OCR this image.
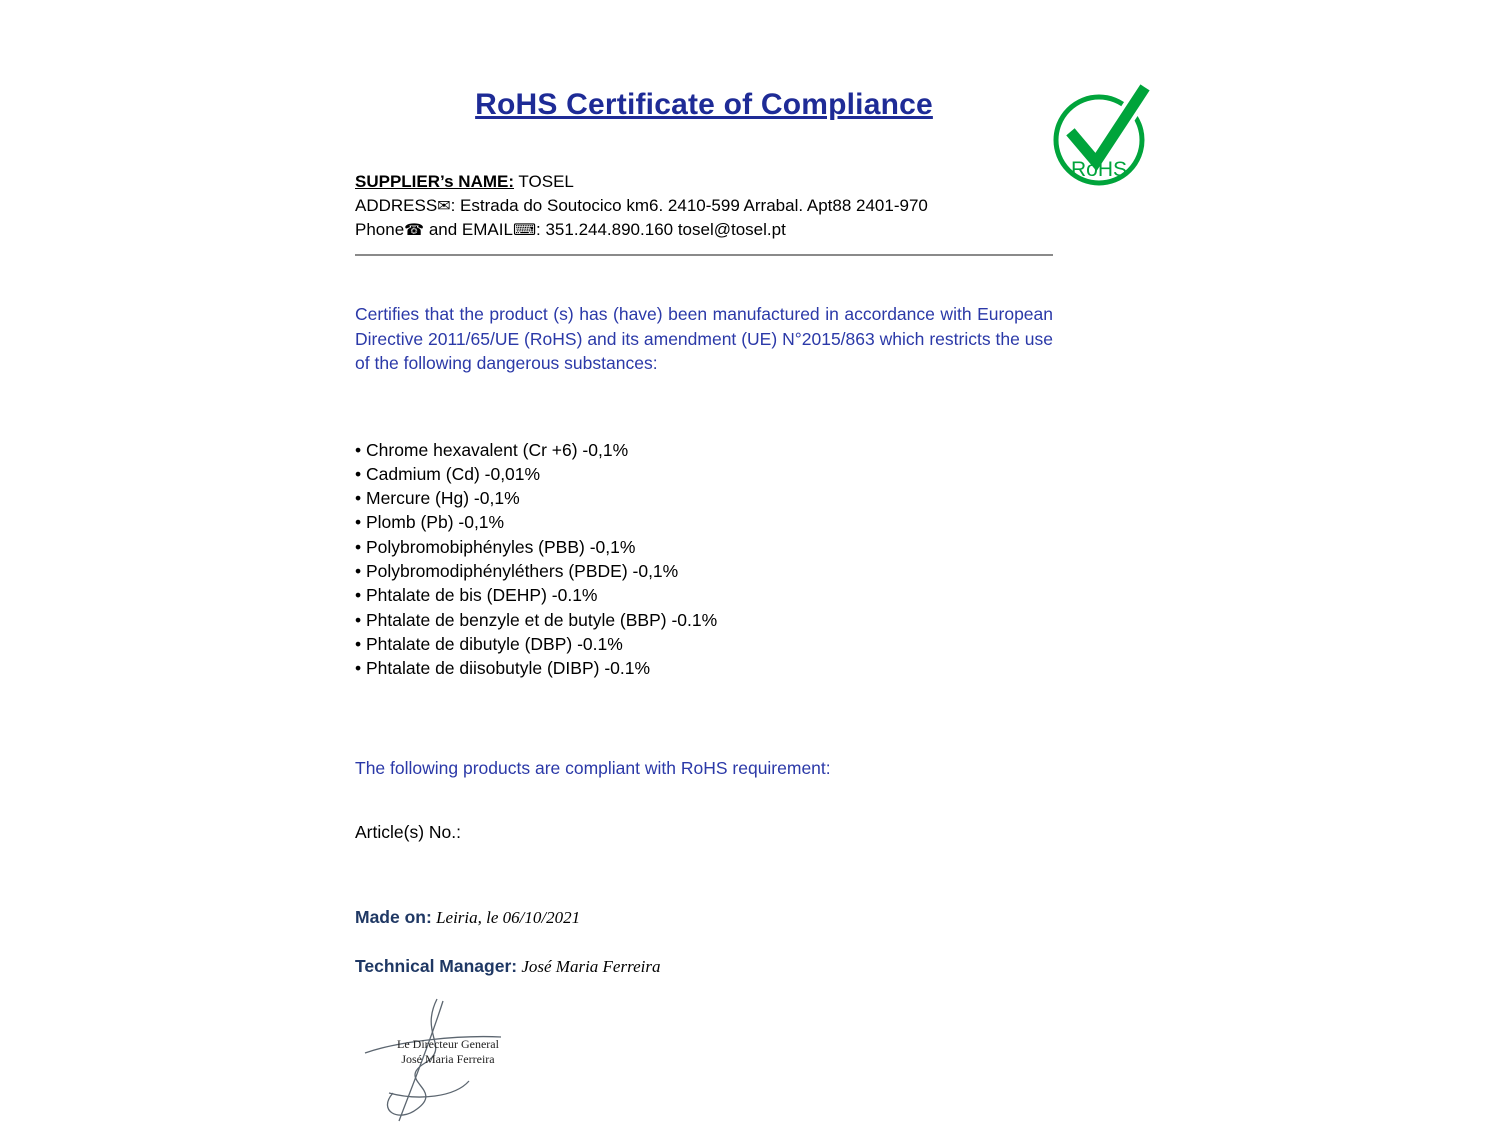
RoHS
RoHS Certificate of Compliance

SUPPLIER’s NAME: TOSEL

ADDRESS✉: Estrada do Soutocico km6. 2410-599 Arrabal. Apt88 2401-970

Phone☎ and EMAIL⌨: 351.244.890.160 tosel@tosel.pt

Certifies that the product (s) has (have) been manufactured in accordance with European Directive 2011/65/UE (RoHS) and its amendment (UE) N°2015/863 which restricts the use of the following dangerous substances:

• Chrome hexavalent (Cr +6) -0,1%
• Cadmium (Cd) -0,01%
• Mercure (Hg) -0,1%
• Plomb (Pb) -0,1%
• Polybromobiphényles (PBB) -0,1%
• Polybromodiphényléthers (PBDE) -0,1%
• Phtalate de bis (DEHP) -0.1%
• Phtalate de benzyle et de butyle (BBP) -0.1%
• Phtalate de dibutyle (DBP) -0.1%
• Phtalate de diisobutyle (DIBP) -0.1%

The following products are compliant with RoHS requirement:

Article(s) No.:

Made on: Leiria, le 06/10/2021

Technical Manager: José Maria Ferreira

Le Directeur General
José Maria Ferreira
